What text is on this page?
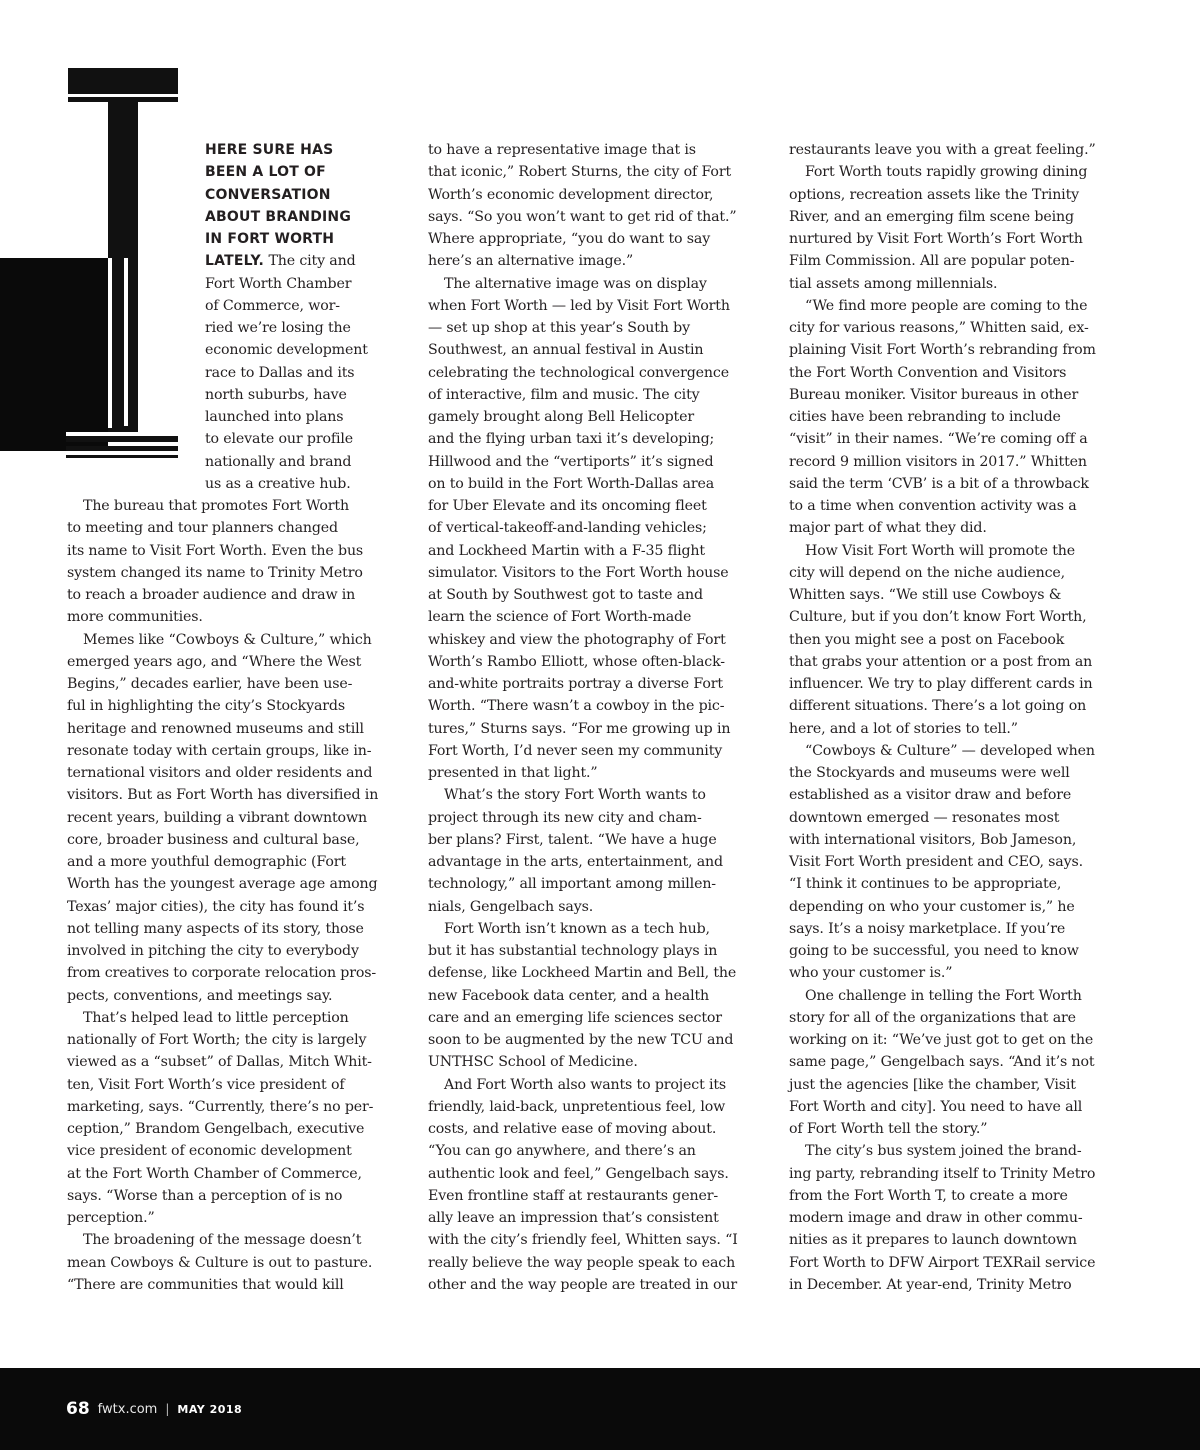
T
HERE SURE HAS
BEEN A LOT OF
CONVERSATION
ABOUT BRANDING
IN FORT WORTH
LATELY. The city and
Fort Worth Chamber
of Commerce, wor-
ried we’re losing the
economic development
race to Dallas and its
north suburbs, have
launched into plans
to elevate our profile
nationally and brand
us as a creative hub.

The bureau that promotes Fort Worth
to meeting and tour planners changed
its name to Visit Fort Worth. Even the bus
system changed its name to Trinity Metro
to reach a broader audience and draw in
more communities.

Memes like “Cowboys & Culture,” which
emerged years ago, and “Where the West
Begins,” decades earlier, have been use-
ful in highlighting the city’s Stockyards
heritage and renowned museums and still
resonate today with certain groups, like in-
ternational visitors and older residents and
visitors. But as Fort Worth has diversified in
recent years, building a vibrant downtown
core, broader business and cultural base,
and a more youthful demographic (Fort
Worth has the youngest average age among
Texas’ major cities), the city has found it’s
not telling many aspects of its story, those
involved in pitching the city to everybody
from creatives to corporate relocation pros-
pects, conventions, and meetings say.

That’s helped lead to little perception
nationally of Fort Worth; the city is largely
viewed as a “subset” of Dallas, Mitch Whit-
ten, Visit Fort Worth’s vice president of
marketing, says. “Currently, there’s no per-
ception,” Brandom Gengelbach, executive
vice president of economic development
at the Fort Worth Chamber of Commerce,
says. “Worse than a perception of is no
perception.”

The broadening of the message doesn’t
mean Cowboys & Culture is out to pasture.
“There are communities that would kill

to have a representative image that is
that iconic,” Robert Sturns, the city of Fort
Worth’s economic development director,
says. “So you won’t want to get rid of that.”
Where appropriate, “you do want to say
here’s an alternative image.”

The alternative image was on display
when Fort Worth — led by Visit Fort Worth
— set up shop at this year’s South by
Southwest, an annual festival in Austin
celebrating the technological convergence
of interactive, film and music. The city
gamely brought along Bell Helicopter
and the flying urban taxi it’s developing;
Hillwood and the “vertiports” it’s signed
on to build in the Fort Worth-Dallas area
for Uber Elevate and its oncoming fleet
of vertical-takeoff-and-landing vehicles;
and Lockheed Martin with a F-35 flight
simulator. Visitors to the Fort Worth house
at South by Southwest got to taste and
learn the science of Fort Worth-made
whiskey and view the photography of Fort
Worth’s Rambo Elliott, whose often-black-
and-white portraits portray a diverse Fort
Worth. “There wasn’t a cowboy in the pic-
tures,” Sturns says. “For me growing up in
Fort Worth, I’d never seen my community
presented in that light.”

What’s the story Fort Worth wants to
project through its new city and cham-
ber plans? First, talent. “We have a huge
advantage in the arts, entertainment, and
technology,” all important among millen-
nials, Gengelbach says.

Fort Worth isn’t known as a tech hub,
but it has substantial technology plays in
defense, like Lockheed Martin and Bell, the
new Facebook data center, and a health
care and an emerging life sciences sector
soon to be augmented by the new TCU and
UNTHSC School of Medicine.

And Fort Worth also wants to project its
friendly, laid-back, unpretentious feel, low
costs, and relative ease of moving about.
“You can go anywhere, and there’s an
authentic look and feel,” Gengelbach says.
Even frontline staff at restaurants gener-
ally leave an impression that’s consistent
with the city’s friendly feel, Whitten says. “I
really believe the way people speak to each
other and the way people are treated in our

restaurants leave you with a great feeling.”

Fort Worth touts rapidly growing dining
options, recreation assets like the Trinity
River, and an emerging film scene being
nurtured by Visit Fort Worth’s Fort Worth
Film Commission. All are popular poten-
tial assets among millennials.

“We find more people are coming to the
city for various reasons,” Whitten said, ex-
plaining Visit Fort Worth’s rebranding from
the Fort Worth Convention and Visitors
Bureau moniker. Visitor bureaus in other
cities have been rebranding to include
“visit” in their names. “We’re coming off a
record 9 million visitors in 2017.” Whitten
said the term ‘CVB’ is a bit of a throwback
to a time when convention activity was a
major part of what they did.

How Visit Fort Worth will promote the
city will depend on the niche audience,
Whitten says. “We still use Cowboys &
Culture, but if you don’t know Fort Worth,
then you might see a post on Facebook
that grabs your attention or a post from an
influencer. We try to play different cards in
different situations. There’s a lot going on
here, and a lot of stories to tell.”

“Cowboys & Culture” — developed when
the Stockyards and museums were well
established as a visitor draw and before
downtown emerged — resonates most
with international visitors, Bob Jameson,
Visit Fort Worth president and CEO, says.
“I think it continues to be appropriate,
depending on who your customer is,” he
says. It’s a noisy marketplace. If you’re
going to be successful, you need to know
who your customer is.”

One challenge in telling the Fort Worth
story for all of the organizations that are
working on it: “We’ve just got to get on the
same page,” Gengelbach says. “And it’s not
just the agencies [like the chamber, Visit
Fort Worth and city]. You need to have all
of Fort Worth tell the story.”

The city’s bus system joined the brand-
ing party, rebranding itself to Trinity Metro
from the Fort Worth T, to create a more
modern image and draw in other commu-
nities as it prepares to launch downtown
Fort Worth to DFW Airport TEXRail service
in December. At year-end, Trinity Metro

68 fwtx.com | MAY 2018
